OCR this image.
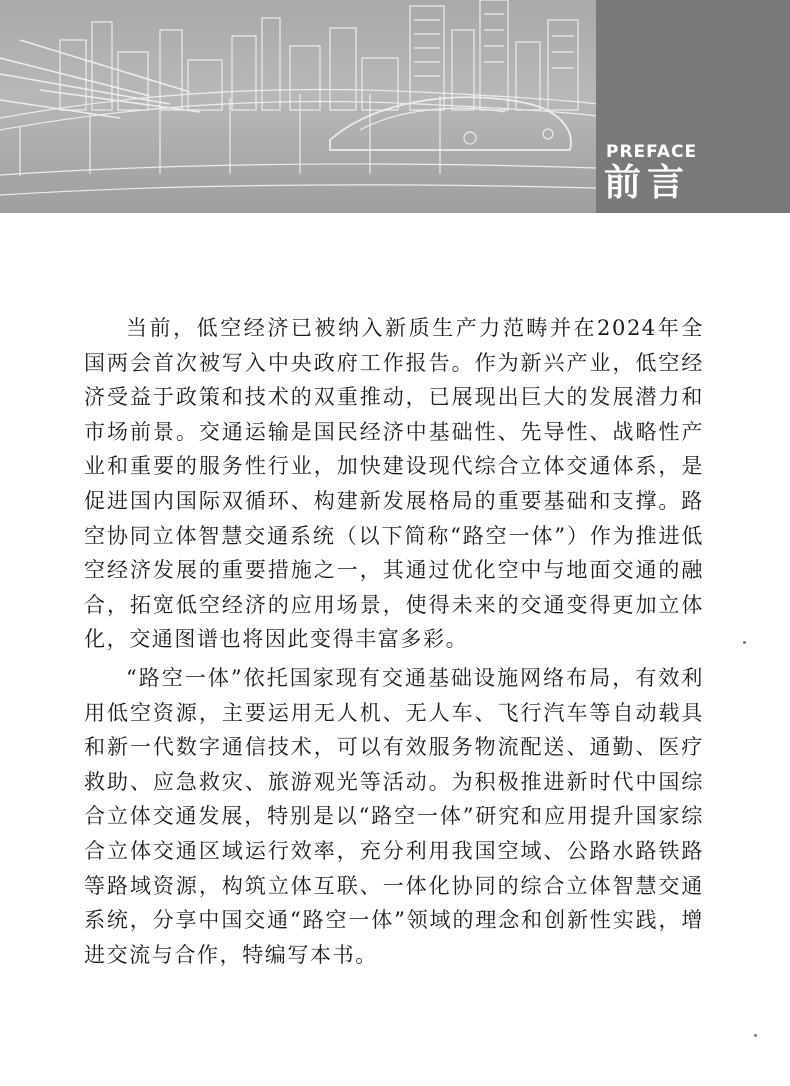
PREFACE
前言

当前，低空经济已被纳入新质生产力范畴并在2024年全国两会首次被写入中央政府工作报告。作为新兴产业，低空经济受益于政策和技术的双重推动，已展现出巨大的发展潜力和市场前景。交通运输是国民经济中基础性、先导性、战略性产业和重要的服务性行业，加快建设现代综合立体交通体系，是促进国内国际双循环、构建新发展格局的重要基础和支撑。路空协同立体智慧交通系统（以下简称“路空一体”）作为推进低空经济发展的重要措施之一，其通过优化空中与地面交通的融合，拓宽低空经济的应用场景，使得未来的交通变得更加立体化，交通图谱也将因此变得丰富多彩。

“路空一体”依托国家现有交通基础设施网络布局，有效利用低空资源，主要运用无人机、无人车、飞行汽车等自动载具和新一代数字通信技术，可以有效服务物流配送、通勤、医疗救助、应急救灾、旅游观光等活动。为积极推进新时代中国综合立体交通发展，特别是以“路空一体”研究和应用提升国家综合立体交通区域运行效率，充分利用我国空域、公路水路铁路等路域资源，构筑立体互联、一体化协同的综合立体智慧交通系统，分享中国交通“路空一体”领域的理念和创新性实践，增进交流与合作，特编写本书。
